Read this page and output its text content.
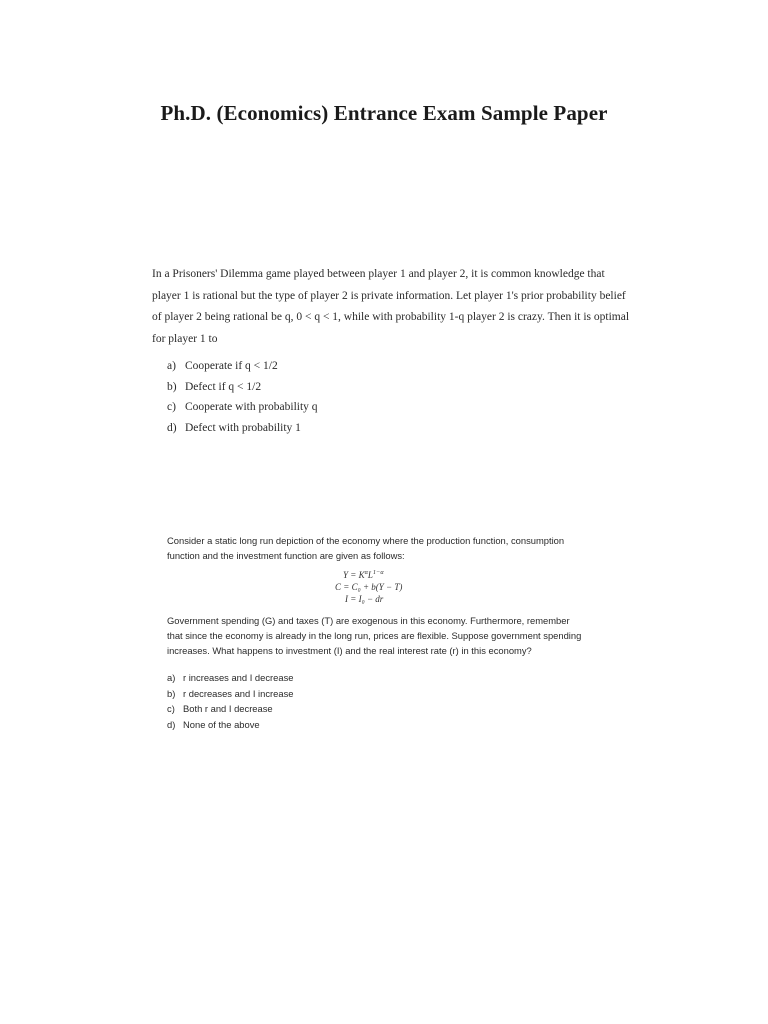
Ph.D. (Economics) Entrance Exam Sample Paper

In a Prisoners' Dilemma game played between player 1 and player 2, it is common knowledge that player 1 is rational but the type of player 2 is private information. Let player 1's prior probability belief of player 2 being rational be q, 0 < q < 1, while with probability 1-q player 2 is crazy. Then it is optimal for player 1 to

a) Cooperate if q < 1/2
b) Defect if q < 1/2
c) Cooperate with probability q
d) Defect with probability 1

Consider a static long run depiction of the economy where the production function, consumption function and the investment function are given as follows:

$Y = K^\alpha L^{1-\alpha}$
C = C₀ + b(Y − T)
I = I₀ − dr

Government spending (G) and taxes (T) are exogenous in this economy. Furthermore, remember that since the economy is already in the long run, prices are flexible. Suppose government spending increases. What happens to investment (I) and the real interest rate (r) in this economy?

a) r increases and I decrease
b) r decreases and I increase
c) Both r and I decrease
d) None of the above
